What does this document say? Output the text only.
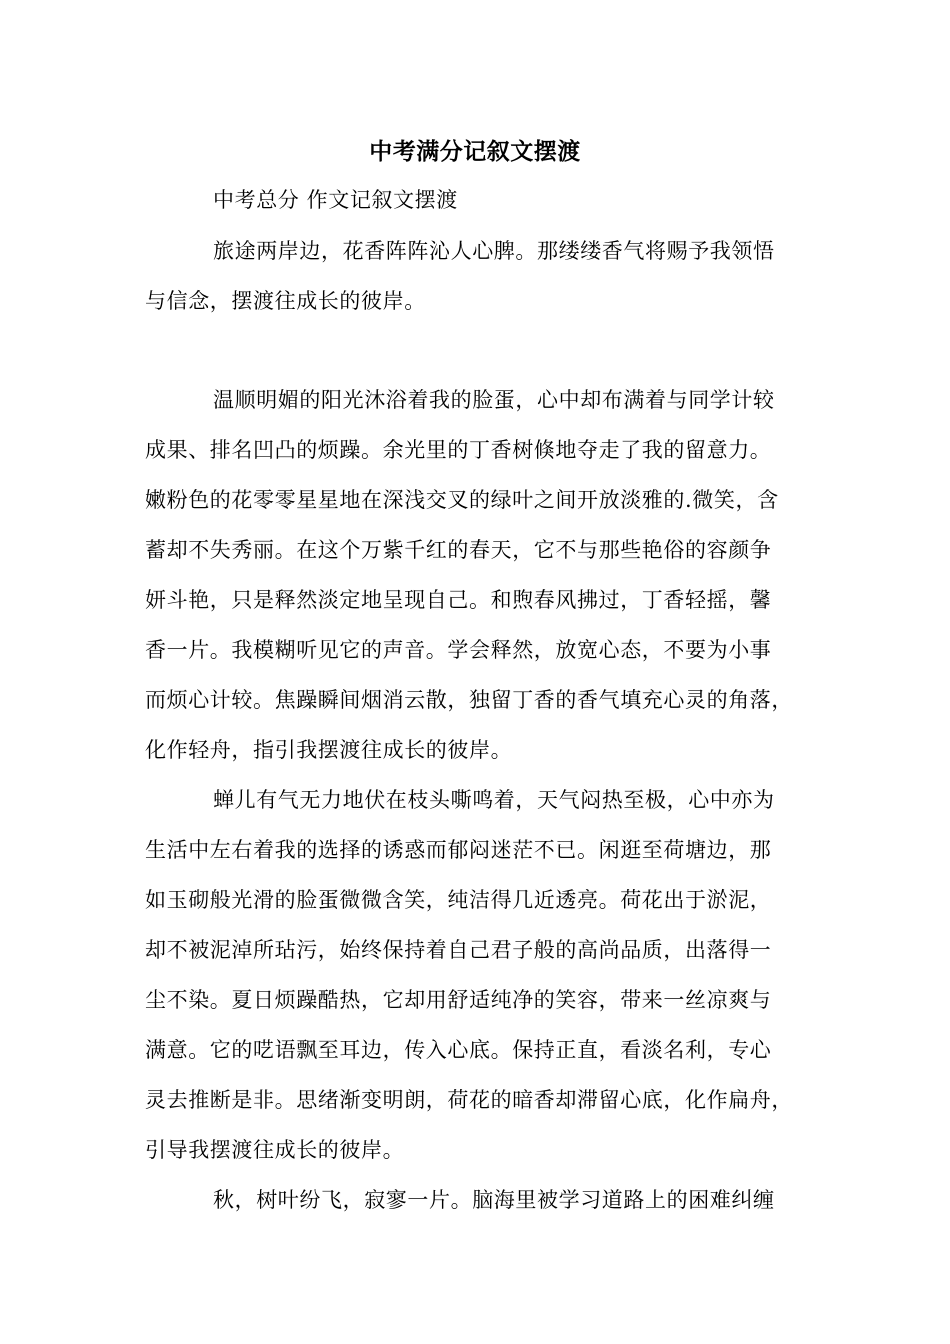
中考满分记叙文摆渡

中考总分 作文记叙文摆渡

旅途两岸边，花香阵阵沁人心脾。那缕缕香气将赐予我领悟

与信念，摆渡往成长的彼岸。

温顺明媚的阳光沐浴着我的脸蛋，心中却布满着与同学计较

成果、排名凹凸的烦躁。余光里的丁香树倏地夺走了我的留意力。

嫩粉色的花零零星星地在深浅交叉的绿叶之间开放淡雅的.微笑，含

蓄却不失秀丽。在这个万紫千红的春天，它不与那些艳俗的容颜争

妍斗艳，只是释然淡定地呈现自己。和煦春风拂过，丁香轻摇，馨

香一片。我模糊听见它的声音。学会释然，放宽心态，不要为小事

而烦心计较。焦躁瞬间烟消云散，独留丁香的香气填充心灵的角落，

化作轻舟，指引我摆渡往成长的彼岸。

蝉儿有气无力地伏在枝头嘶鸣着，天气闷热至极，心中亦为

生活中左右着我的选择的诱惑而郁闷迷茫不已。闲逛至荷塘边，那

如玉砌般光滑的脸蛋微微含笑，纯洁得几近透亮。荷花出于淤泥，

却不被泥淖所玷污，始终保持着自己君子般的高尚品质，出落得一

尘不染。夏日烦躁酷热，它却用舒适纯净的笑容，带来一丝凉爽与

满意。它的呓语飘至耳边，传入心底。保持正直，看淡名利，专心

灵去推断是非。思绪渐变明朗，荷花的暗香却滞留心底，化作扁舟，

引导我摆渡往成长的彼岸。

秋，树叶纷飞，寂寥一片。脑海里被学习道路上的困难纠缠
